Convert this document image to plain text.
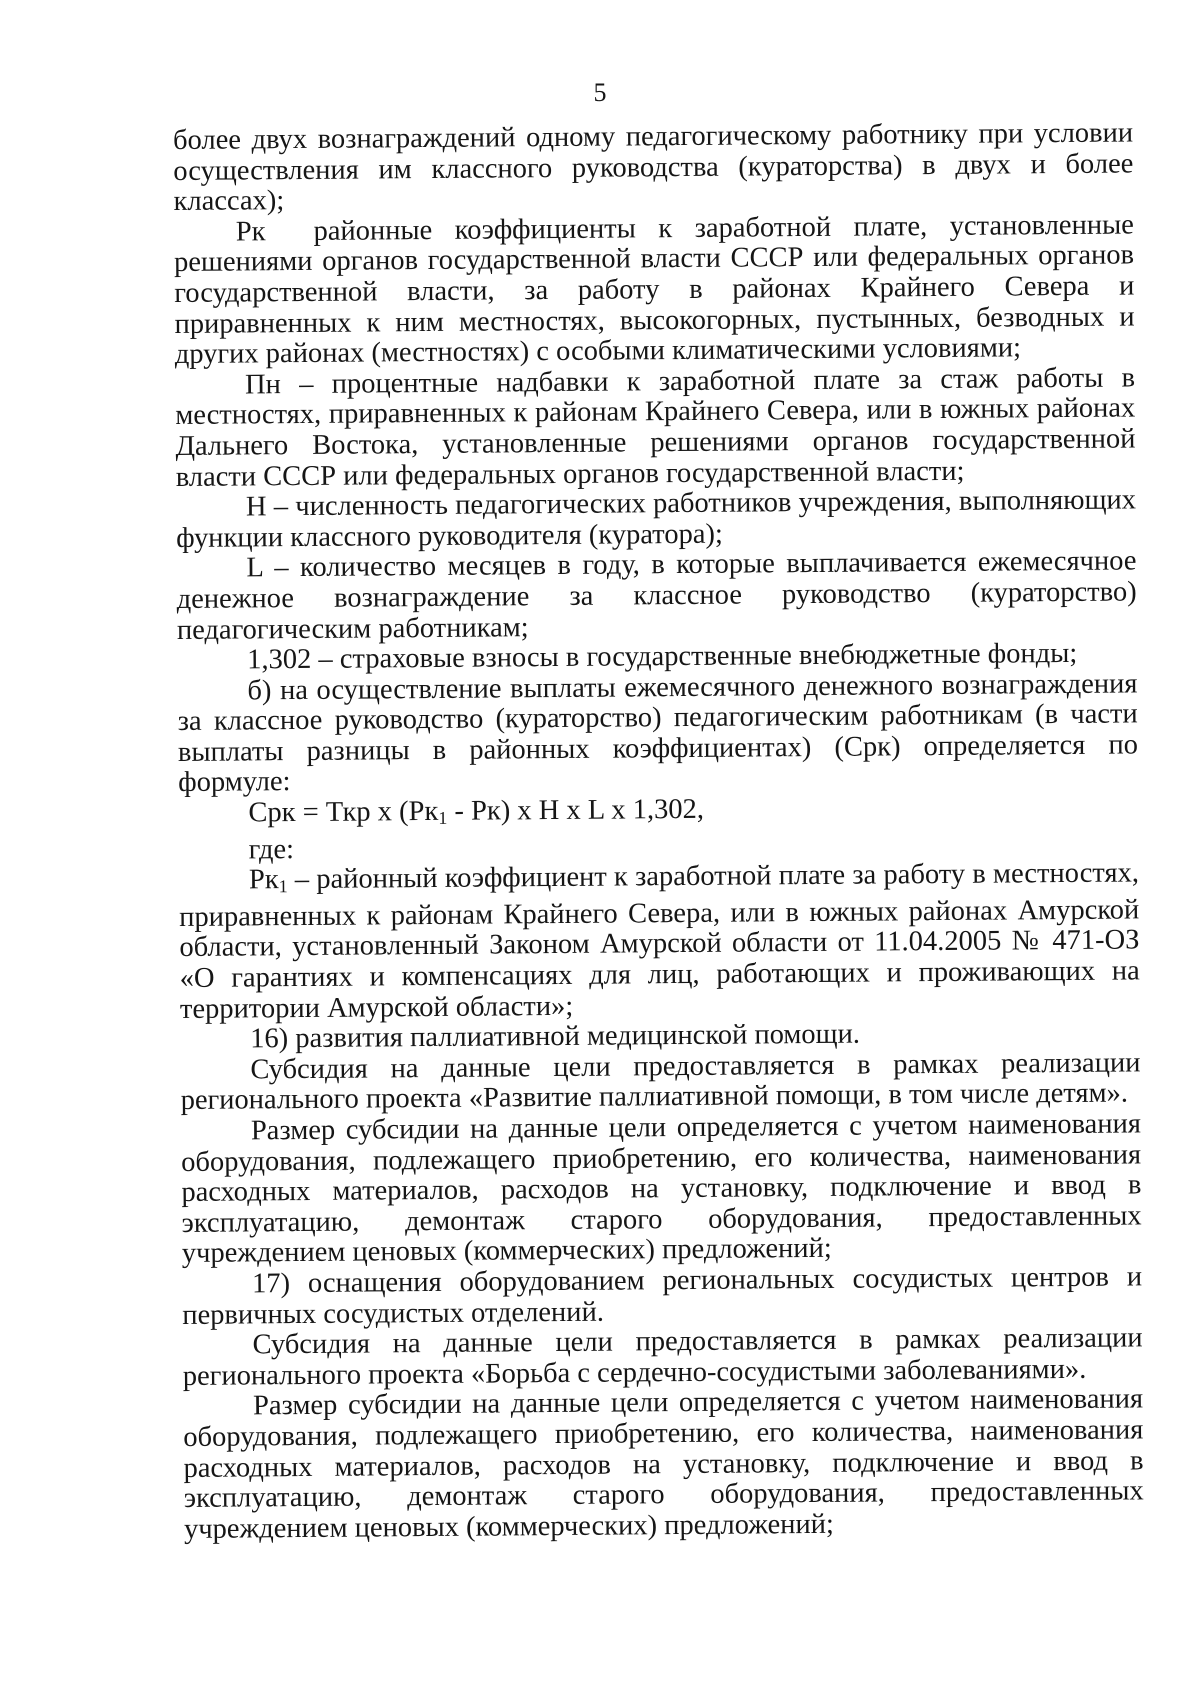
5

более двух вознаграждений одному педагогическому работнику при условии осуществления им классного руководства (кураторства) в двух и более классах);

Рк районные коэффициенты к заработной плате, установленные решениями органов государственной власти СССР или федеральных органов государственной власти, за работу в районах Крайнего Севера и приравненных к ним местностях, высокогорных, пустынных, безводных и других районах (местностях) с особыми климатическими условиями;

Пн – процентные надбавки к заработной плате за стаж работы в местностях, приравненных к районам Крайнего Севера, или в южных районах Дальнего Востока, установленные решениями органов государственной власти СССР или федеральных органов государственной власти;

Н – численность педагогических работников учреждения, выполняющих функции классного руководителя (куратора);

L – количество месяцев в году, в которые выплачивается ежемесячное денежное вознаграждение за классное руководство (кураторство) педагогическим работникам;

1,302 – страховые взносы в государственные внебюджетные фонды;

б) на осуществление выплаты ежемесячного денежного вознаграждения за классное руководство (кураторство) педагогическим работникам (в части выплаты разницы в районных коэффициентах) (Срк) определяется по формуле:

Срк = Ткр х $(Рк_1 - Рк)$ х Н х L х 1,302,

где:

$Рк_1$ – районный коэффициент к заработной плате за работу в местностях, приравненных к районам Крайнего Севера, или в южных районах Амурской области, установленный Законом Амурской области от 11.04.2005 № 471-ОЗ «О гарантиях и компенсациях для лиц, работающих и проживающих на территории Амурской области»;

16) развития паллиативной медицинской помощи.

Субсидия на данные цели предоставляется в рамках реализации регионального проекта «Развитие паллиативной помощи, в том числе детям».

Размер субсидии на данные цели определяется с учетом наименования оборудования, подлежащего приобретению, его количества, наименования расходных материалов, расходов на установку, подключение и ввод в эксплуатацию, демонтаж старого оборудования, предоставленных учреждением ценовых (коммерческих) предложений;

17) оснащения оборудованием региональных сосудистых центров и первичных сосудистых отделений.

Субсидия на данные цели предоставляется в рамках реализации регионального проекта «Борьба с сердечно-сосудистыми заболеваниями».

Размер субсидии на данные цели определяется с учетом наименования оборудования, подлежащего приобретению, его количества, наименования расходных материалов, расходов на установку, подключение и ввод в эксплуатацию, демонтаж старого оборудования, предоставленных учреждением ценовых (коммерческих) предложений;
